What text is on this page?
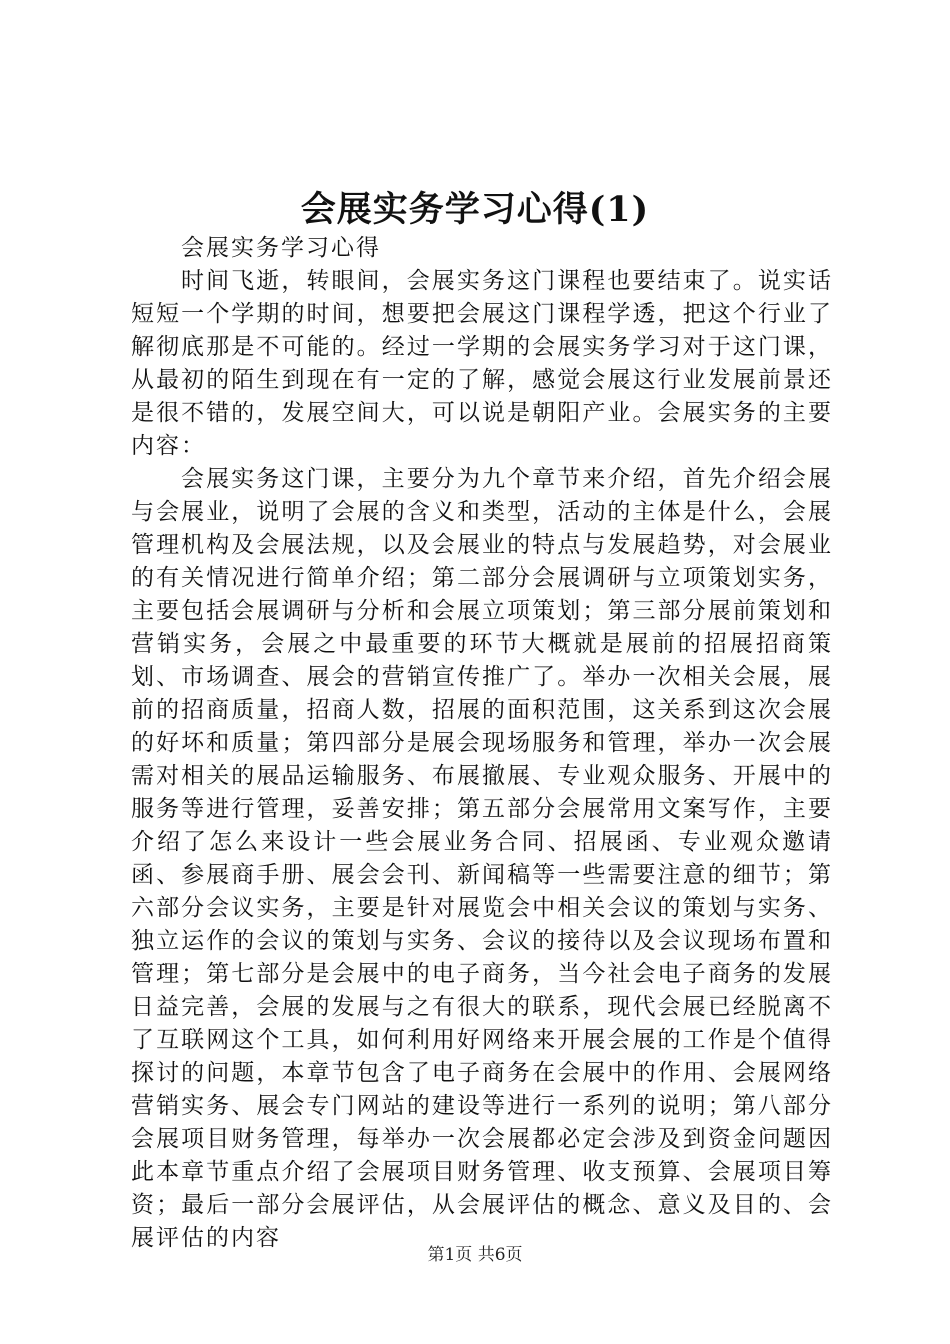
会展实务学习心得(1)

会展实务学习心得

时间飞逝，转眼间，会展实务这门课程也要结束了。说实话短短一个学期的时间，想要把会展这门课程学透，把这个行业了解彻底那是不可能的。经过一学期的会展实务学习对于这门课，从最初的陌生到现在有一定的了解，感觉会展这行业发展前景还是很不错的，发展空间大，可以说是朝阳产业。会展实务的主要内容：

会展实务这门课，主要分为九个章节来介绍，首先介绍会展与会展业，说明了会展的含义和类型，活动的主体是什么，会展管理机构及会展法规，以及会展业的特点与发展趋势，对会展业的有关情况进行简单介绍；第二部分会展调研与立项策划实务，主要包括会展调研与分析和会展立项策划；第三部分展前策划和营销实务，会展之中最重要的环节大概就是展前的招展招商策划、市场调查、展会的营销宣传推广了。举办一次相关会展，展前的招商质量，招商人数，招展的面积范围，这关系到这次会展的好坏和质量；第四部分是展会现场服务和管理，举办一次会展需对相关的展品运输服务、布展撤展、专业观众服务、开展中的服务等进行管理，妥善安排；第五部分会展常用文案写作，主要介绍了怎么来设计一些会展业务合同、招展函、专业观众邀请函、参展商手册、展会会刊、新闻稿等一些需要注意的细节；第六部分会议实务，主要是针对展览会中相关会议的策划与实务、独立运作的会议的策划与实务、会议的接待以及会议现场布置和管理；第七部分是会展中的电子商务，当今社会电子商务的发展日益完善，会展的发展与之有很大的联系，现代会展已经脱离不了互联网这个工具，如何利用好网络来开展会展的工作是个值得探讨的问题，本章节包含了电子商务在会展中的作用、会展网络营销实务、展会专门网站的建设等进行一系列的说明；第八部分会展项目财务管理，每举办一次会展都必定会涉及到资金问题因此本章节重点介绍了会展项目财务管理、收支预算、会展项目筹资；最后一部分会展评估，从会展评估的概念、意义及目的、会展评估的内容

第1页 共6页
